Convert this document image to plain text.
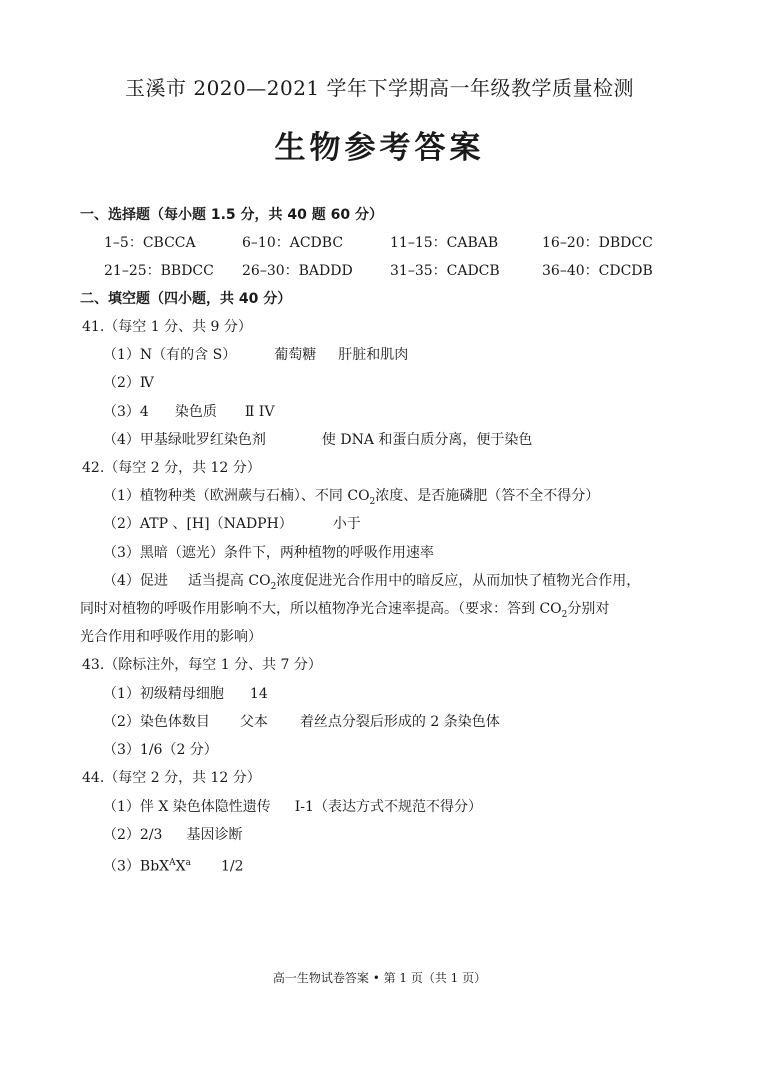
玉溪市 2020—2021 学年下学期高一年级教学质量检测
生物参考答案
一、选择题（每小题 1.5 分，共 40 题 60 分）
1–5：CBCCA	6–10：ACDBC	11–15：CABAB	16–20：DBDCC
21–25：BBDCC 26–30：BADDD	31–35：CADCB	36–40：CDCDB
二、填空题（四小题，共 40 分）
41.（每空 1 分、共 9 分）
（1）N（有的含 S）	葡萄糖 肝脏和肌肉
（2）Ⅳ
（3）4 染色质 Ⅱ IV
（4）甲基绿吡罗红染色剂	使 DNA 和蛋白质分离，便于染色
42.（每空 2 分，共 12 分）
（1）植物种类（欧洲蕨与石楠）、不同 $CO_2$浓度、是否施磷肥（答不全不得分）
（2）ATP 、[H]（NADPH）	小于
（3）黑暗（遮光）条件下，两种植物的呼吸作用速率
（4）促进 适当提高 $CO_2$浓度促进光合作用中的暗反应，从而加快了植物光合作用，
同时对植物的呼吸作用影响不大，所以植物净光合速率提高。（要求：答到 $CO_2$分别对
光合作用和呼吸作用的影响）
43.（除标注外，每空 1 分、共 7 分）
（1）初级精母细胞 14
（2）染色体数目 父本 着丝点分裂后形成的 2 条染色体
（3）1/6（2 分）
44.（每空 2 分，共 12 分）
（1）伴 X 染色体隐性遗传 Ⅰ-1（表达方式不规范不得分）
（2）2/3 基因诊断
$(3)BbX^AX^a$ 1/2
高一生物试卷答案 • 第 1 页（共 1 页）
